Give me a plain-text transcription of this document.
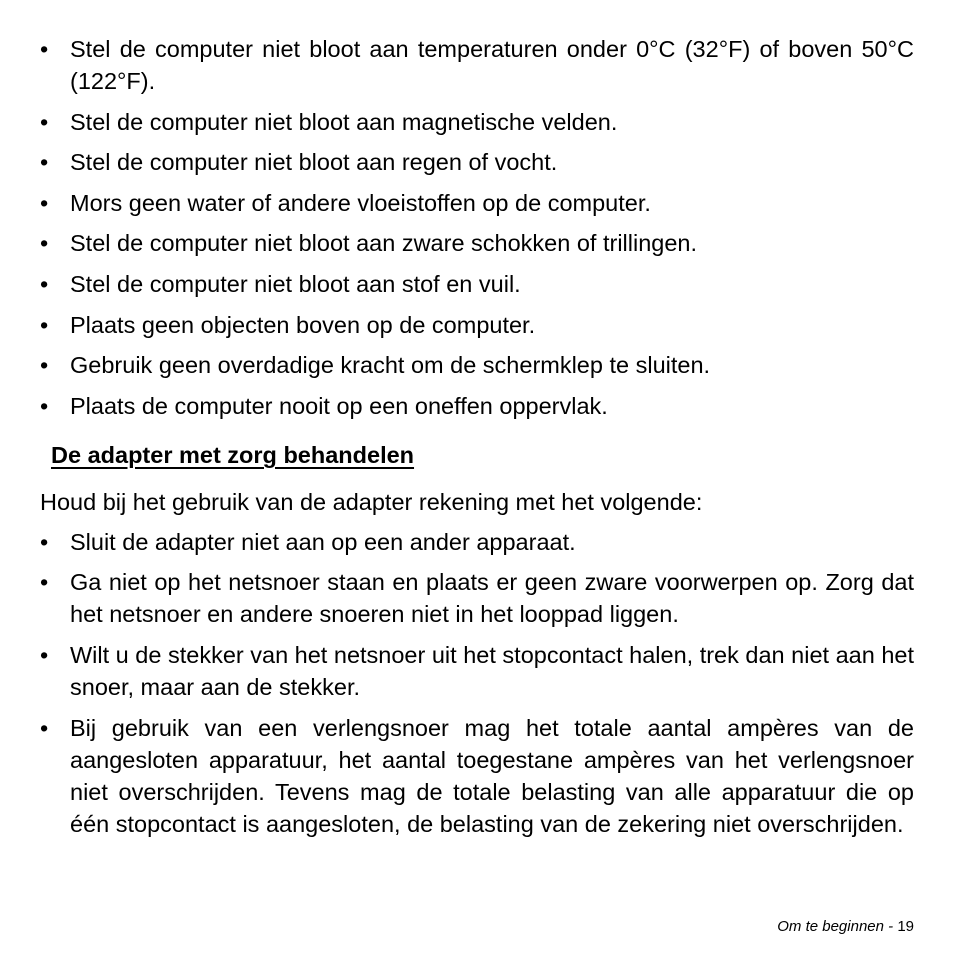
• Stel de computer niet bloot aan temperaturen onder 0°C (32°F) of boven 50°C (122°F).
• Stel de computer niet bloot aan magnetische velden.
• Stel de computer niet bloot aan regen of vocht.
• Mors geen water of andere vloeistoffen op de computer.
• Stel de computer niet bloot aan zware schokken of trillingen.
• Stel de computer niet bloot aan stof en vuil.
• Plaats geen objecten boven op de computer.
• Gebruik geen overdadige kracht om de schermklep te sluiten.
• Plaats de computer nooit op een oneffen oppervlak.
De adapter met zorg behandelen
Houd bij het gebruik van de adapter rekening met het volgende:
• Sluit de adapter niet aan op een ander apparaat.
• Ga niet op het netsnoer staan en plaats er geen zware voorwerpen op. Zorg dat het netsnoer en andere snoeren niet in het looppad liggen.
• Wilt u de stekker van het netsnoer uit het stopcontact halen, trek dan niet aan het snoer, maar aan de stekker.
• Bij gebruik van een verlengsnoer mag het totale aantal ampères van de aangesloten apparatuur, het aantal toegestane ampères van het verlengsnoer niet overschrijden. Tevens mag de totale belasting van alle apparatuur die op één stopcontact is aangesloten, de belasting van de zekering niet overschrijden.
Om te beginnen - 19
